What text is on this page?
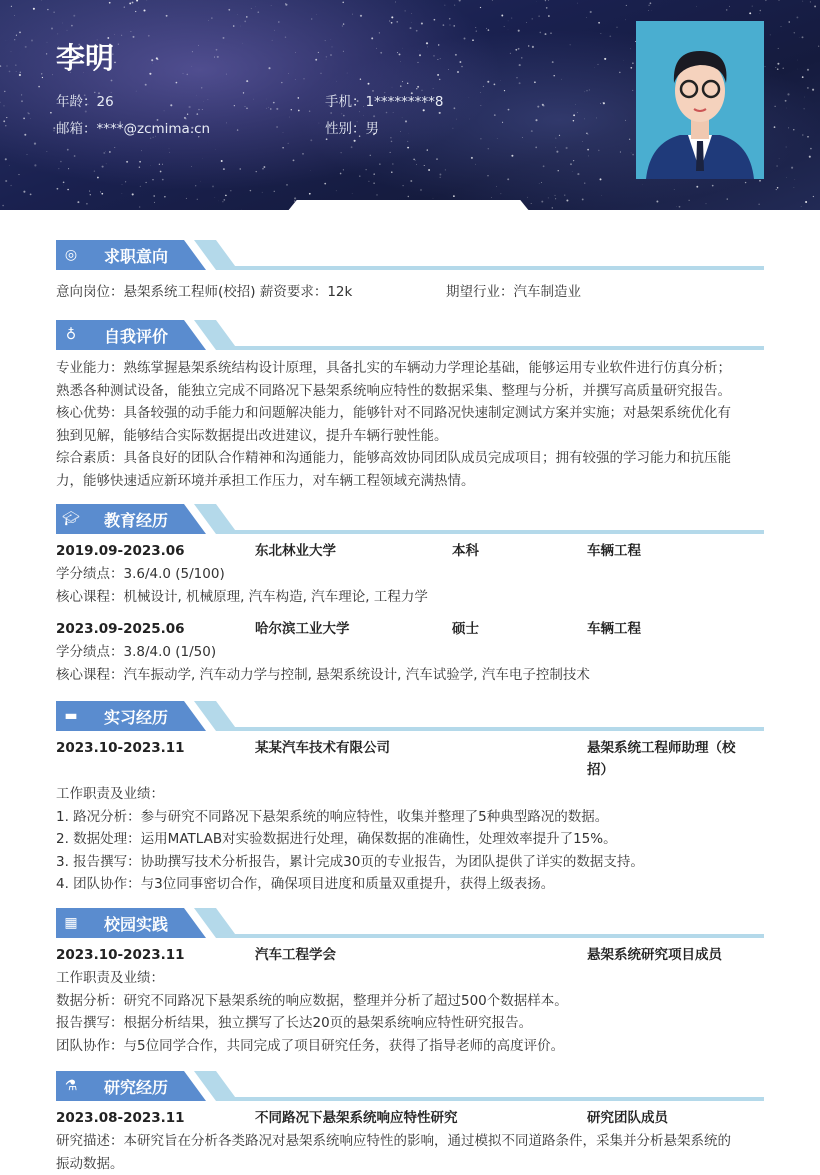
李明
年龄：26	手机：1*********8
邮箱：****@zcmima.cn	性别：男
◎ 求职意向
意向岗位：悬架系统工程师(校招) 薪资要求：12k	期望行业：汽车制造业
♁ 自我评价
专业能力：熟练掌握悬架系统结构设计原理，具备扎实的车辆动力学理论基础，能够运用专业软件进行仿真分析；
熟悉各种测试设备，能独立完成不同路况下悬架系统响应特性的数据采集、整理与分析，并撰写高质量研究报告。
核心优势：具备较强的动手能力和问题解决能力，能够针对不同路况快速制定测试方案并实施；对悬架系统优化有
独到见解，能够结合实际数据提出改进建议，提升车辆行驶性能。
综合素质：具备良好的团队合作精神和沟通能力，能够高效协同团队成员完成项目；拥有较强的学习能力和抗压能
力，能够快速适应新环境并承担工作压力，对车辆工程领域充满热情。
🎓︎ 教育经历
2019.09-2023.06	东北林业大学	本科	车辆工程
学分绩点：3.6/4.0 (5/100)
核心课程：机械设计, 机械原理, 汽车构造, 汽车理论, 工程力学
2023.09-2025.06	哈尔滨工业大学	硕士	车辆工程
学分绩点：3.8/4.0 (1/50)
核心课程：汽车振动学, 汽车动力学与控制, 悬架系统设计, 汽车试验学, 汽车电子控制技术
▬ 实习经历
2023.10-2023.11	某某汽车技术有限公司	悬架系统工程师助理（校
招）
工作职责及业绩：
1. 路况分析：参与研究不同路况下悬架系统的响应特性，收集并整理了5种典型路况的数据。
2. 数据处理：运用MATLAB对实验数据进行处理，确保数据的准确性，处理效率提升了15%。
3. 报告撰写：协助撰写技术分析报告，累计完成30页的专业报告，为团队提供了详实的数据支持。
4. 团队协作：与3位同事密切合作，确保项目进度和质量双重提升，获得上级表扬。
▦ 校园实践
2023.10-2023.11	汽车工程学会	悬架系统研究项目成员
工作职责及业绩：
数据分析：研究不同路况下悬架系统的响应数据，整理并分析了超过500个数据样本。
报告撰写：根据分析结果，独立撰写了长达20页的悬架系统响应特性研究报告。
团队协作：与5位同学合作，共同完成了项目研究任务，获得了指导老师的高度评价。
⚗ 研究经历
2023.08-2023.11	不同路况下悬架系统响应特性研究	研究团队成员
研究描述：本研究旨在分析各类路况对悬架系统响应特性的影响，通过模拟不同道路条件，采集并分析悬架系统的
振动数据。
